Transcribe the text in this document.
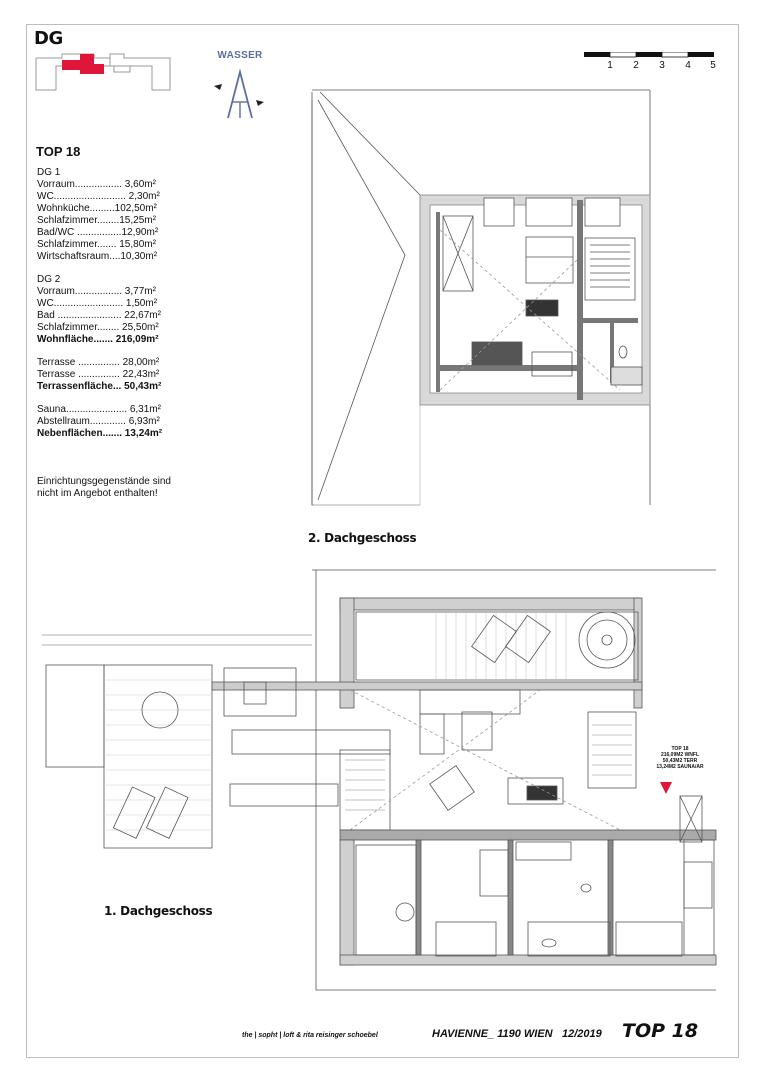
DG
WASSER
1 2 3 4 5
TOP 18
DG 1
Vorraum................. 3,60m²
WC.......................... 2,30m²
Wohnküche.........102,50m²
Schlafzimmer........15,25m²
Bad/WC ................12,90m²
Schlafzimmer....... 15,80m²
Wirtschaftsraum....10,30m²
DG 2
Vorraum................. 3,77m²
WC......................... 1,50m²
Bad ....................... 22,67m²
Schlafzimmer........ 25,50m²
Wohnfläche....... 216,09m²
Terrasse ............... 28,00m²
Terrasse ............... 22,43m²
Terrassenfläche... 50,43m²
Sauna...................... 6,31m²
Abstellraum............. 6,93m²
Nebenflächen....... 13,24m²
Einrichtungsgegenstände sind
nicht im Angebot enthalten!
TOP 18
216,09M2 WNFL
50,43M2 TERR
13,24M2 SAUNA/AR
2. Dachgeschoss
1. Dachgeschoss
the | sopht | loft & rita reisinger schoebel	HAVIENNE_ 1190 WIEN 12/2019 TOP 18
